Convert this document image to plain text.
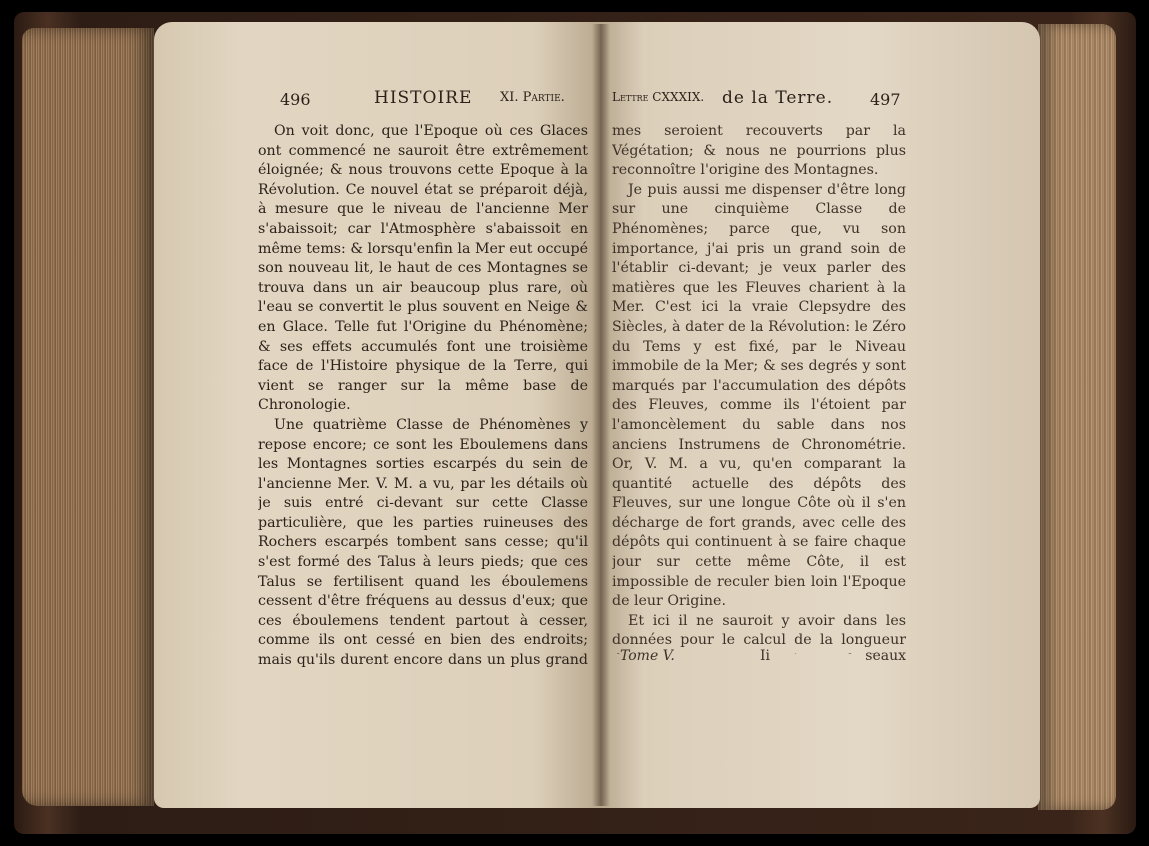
496	HISTOIRE XI. Partie.	Lettre CXXXIX. de la Terre. 497

On voit donc, que l'Epoque où ces Glaces ont commencé ne sauroit être extrêmement éloignée; & nous trouvons cette Epoque à la Révolution. Ce nouvel état se préparoit déjà, à mesure que le niveau de l'ancienne Mer s'abaissoit; car l'Atmosphère s'abaissoit en même tems: & lorsqu'enfin la Mer eut occupé son nouveau lit, le haut de ces Montagnes se trouva dans un air beaucoup plus rare, où l'eau se convertit le plus souvent en Neige & en Glace. Telle fut l'Origine du Phénomène; & ses effets accumulés font une troisième face de l'Histoire physique de la Terre, qui vient se ranger sur la même base de Chronologie.

Une quatrième Classe de Phénomènes y repose encore; ce sont les Eboulemens dans les Montagnes sorties escarpés du sein de l'ancienne Mer. V. M. a vu, par les détails où je suis entré ci-devant sur cette Classe particulière, que les parties ruineuses des Rochers escarpés tombent sans cesse; qu'il s'est formé des Talus à leurs pieds; que ces Talus se fertilisent quand les éboulemens cessent d'être fréquens au dessus d'eux; que ces éboulemens tendent partout à cesser, comme ils ont cessé en bien des endroits; mais qu'ils durent encore dans un plus grand

mes seroient recouverts par la Végétation; & nous ne pourrions plus reconnoître l'origine des Montagnes.

Je puis aussi me dispenser d'être long sur une cinquième Classe de Phénomènes; parce que, vu son importance, j'ai pris un grand soin de l'établir ci-devant; je veux parler des matières que les Fleuves charient à la Mer. C'est ici la vraie Clepsydre des Siècles, à dater de la Révolution: le Zéro du Tems y est fixé, par le Niveau immobile de la Mer; & ses degrés y sont marqués par l'accumulation des dépôts des Fleuves, comme ils l'étoient par l'amoncèlement du sable dans nos anciens Instrumens de Chronométrie. Or, V. M. a vu, qu'en comparant la quantité actuelle des dépôts des Fleuves, sur une longue Côte où il s'en décharge de fort grands, avec celle des dépôts qui continuent à se faire chaque jour sur cette même Côte, il est impossible de reculer bien loin l'Epoque de leur Origine.

Et ici il ne sauroit y avoir dans les données pour le calcul de la longueur

Tome V.	Ii	seaux
